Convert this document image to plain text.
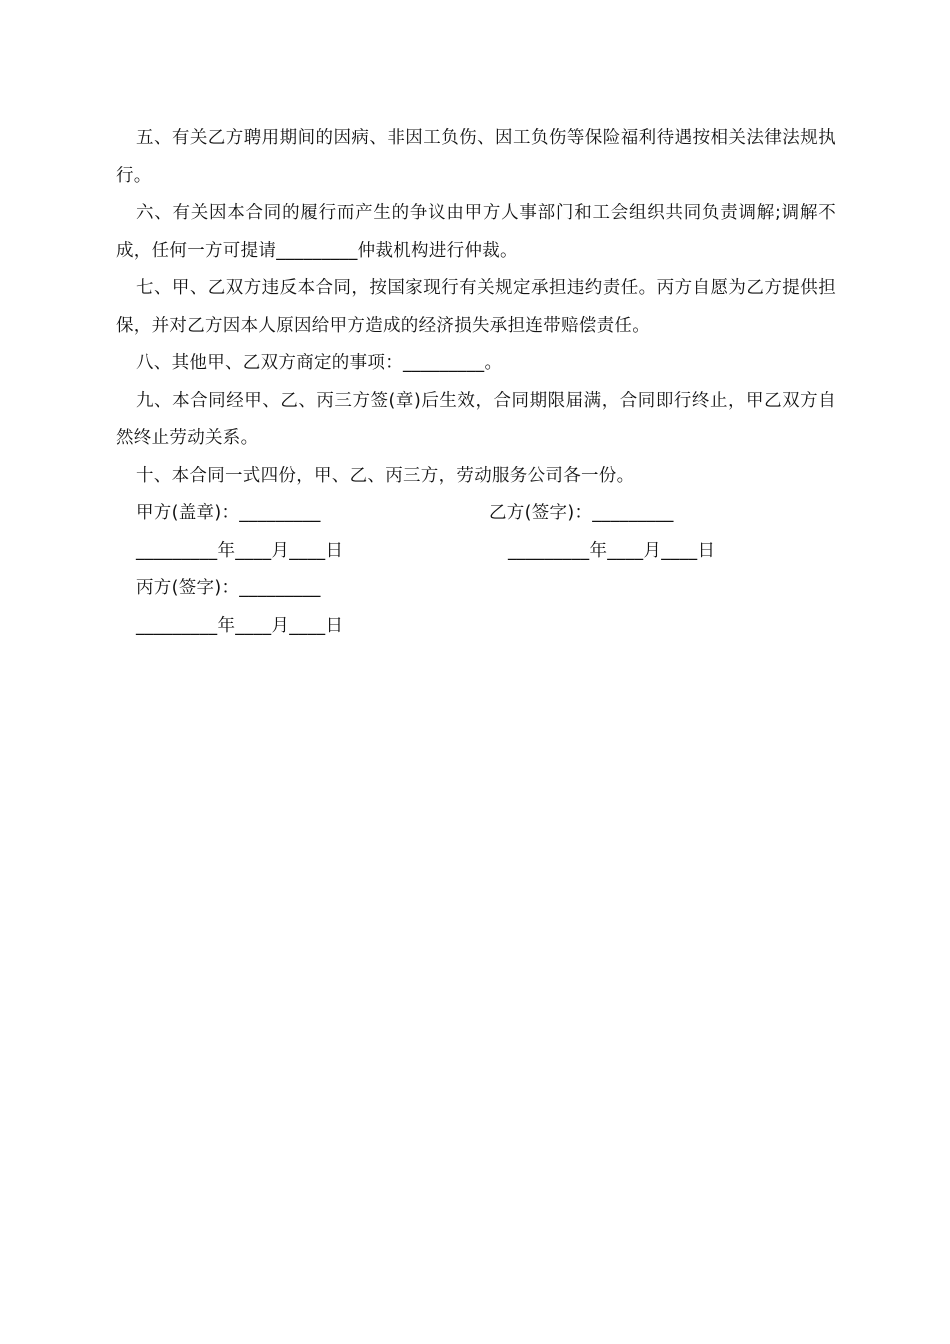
五、有关乙方聘用期间的因病、非因工负伤、因工负伤等保险福利待遇按相关法律法规执行。

六、有关因本合同的履行而产生的争议由甲方人事部门和工会组织共同负责调解;调解不成，任何一方可提请_________仲裁机构进行仲裁。

七、甲、乙双方违反本合同，按国家现行有关规定承担违约责任。丙方自愿为乙方提供担保，并对乙方因本人原因给甲方造成的经济损失承担连带赔偿责任。

八、其他甲、乙双方商定的事项：_________。

九、本合同经甲、乙、丙三方签(章)后生效，合同期限届满，合同即行终止，甲乙双方自然终止劳动关系。

十、本合同一式四份，甲、乙、丙三方，劳动服务公司各一份。

甲方(盖章)：_________	乙方(签字)：_________
_________年____月____日	_________年____月____日
丙方(签字)：_________
_________年____月____日
